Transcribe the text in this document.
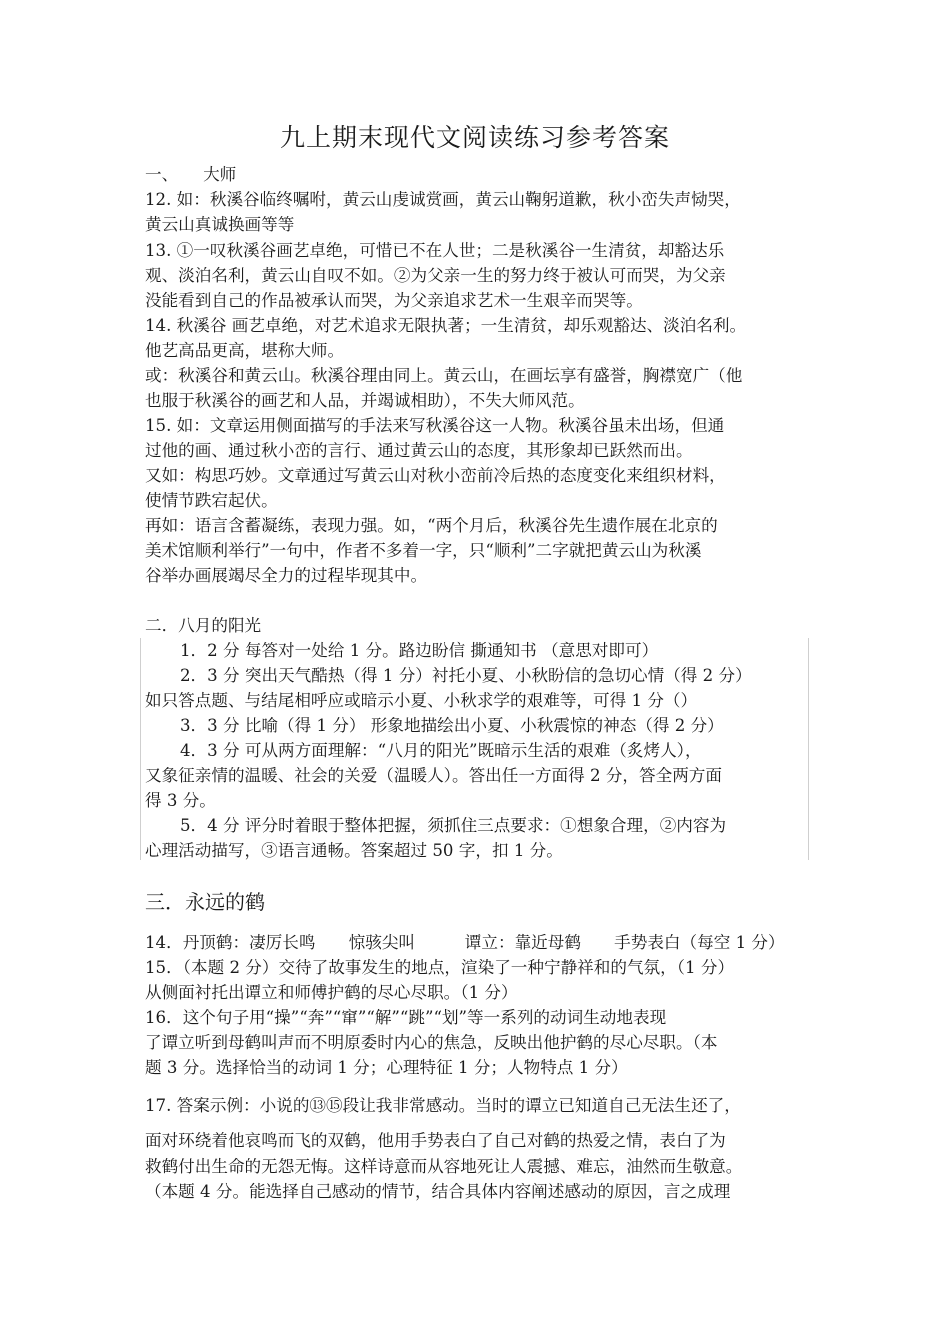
九上期末现代文阅读练习参考答案
一、　　大师
12. 如：秋溪谷临终嘱咐，黄云山虔诚赏画，黄云山鞠躬道歉，秋小峦失声恸哭，
黄云山真诚换画等等
13. ①一叹秋溪谷画艺卓绝，可惜已不在人世；二是秋溪谷一生清贫，却豁达乐
观、淡泊名利，黄云山自叹不如。②为父亲一生的努力终于被认可而哭，为父亲
没能看到自己的作品被承认而哭，为父亲追求艺术一生艰辛而哭等。
14. 秋溪谷 画艺卓绝，对艺术追求无限执著；一生清贫，却乐观豁达、淡泊名利。
他艺高品更高，堪称大师。
或：秋溪谷和黄云山。秋溪谷理由同上。黄云山，在画坛享有盛誉，胸襟宽广（他
也服于秋溪谷的画艺和人品，并竭诚相助），不失大师风范。
15. 如：文章运用侧面描写的手法来写秋溪谷这一人物。秋溪谷虽未出场，但通
过他的画、通过秋小峦的言行、通过黄云山的态度，其形象却已跃然而出。
又如：构思巧妙。文章通过写黄云山对秋小峦前冷后热的态度变化来组织材料，
使情节跌宕起伏。
再如：语言含蓄凝练，表现力强。如，“两个月后，秋溪谷先生遗作展在北京的
美术馆顺利举行”一句中，作者不多着一字，只“顺利”二字就把黄云山为秋溪
谷举办画展竭尽全力的过程毕现其中。
二．八月的阳光
1．2 分 每答对一处给 1 分。路边盼信 撕通知书 （意思对即可）
2．3 分 突出天气酷热（得 1 分）衬托小夏、小秋盼信的急切心情（得 2 分）
如只答点题、与结尾相呼应或暗示小夏、小秋求学的艰难等，可得 1 分（）
3．3 分 比喻（得 1 分） 形象地描绘出小夏、小秋震惊的神态（得 2 分）
4．3 分 可从两方面理解：“八月的阳光”既暗示生活的艰难（炙烤人），
又象征亲情的温暖、社会的关爱（温暖人）。答出任一方面得 2 分，答全两方面
得 3 分。
5．4 分 评分时着眼于整体把握，须抓住三点要求：①想象合理，②内容为
心理活动描写，③语言通畅。答案超过 50 字，扣 1 分。
三．永远的鹤
14．丹顶鹤：凄厉长鸣　　惊骇尖叫　　　谭立：靠近母鹤　　手势表白（每空 1 分）
15．（本题 2 分）交待了故事发生的地点，渲染了一种宁静祥和的气氛，（1 分）
从侧面衬托出谭立和师傅护鹤的尽心尽职。（1 分）
16．这个句子用“操”“奔”“窜”“解”“跳”“划”等一系列的动词生动地表现
了谭立听到母鹤叫声而不明原委时内心的焦急，反映出他护鹤的尽心尽职。（本
题 3 分。选择恰当的动词 1 分；心理特征 1 分；人物特点 1 分）
17. 答案示例：小说的⑬⑮段让我非常感动。当时的谭立已知道自己无法生还了，
面对环绕着他哀鸣而飞的双鹤，他用手势表白了自己对鹤的热爱之情，表白了为
救鹤付出生命的无怨无悔。这样诗意而从容地死让人震撼、难忘，油然而生敬意。
（本题 4 分。能选择自己感动的情节，结合具体内容阐述感动的原因，言之成理
